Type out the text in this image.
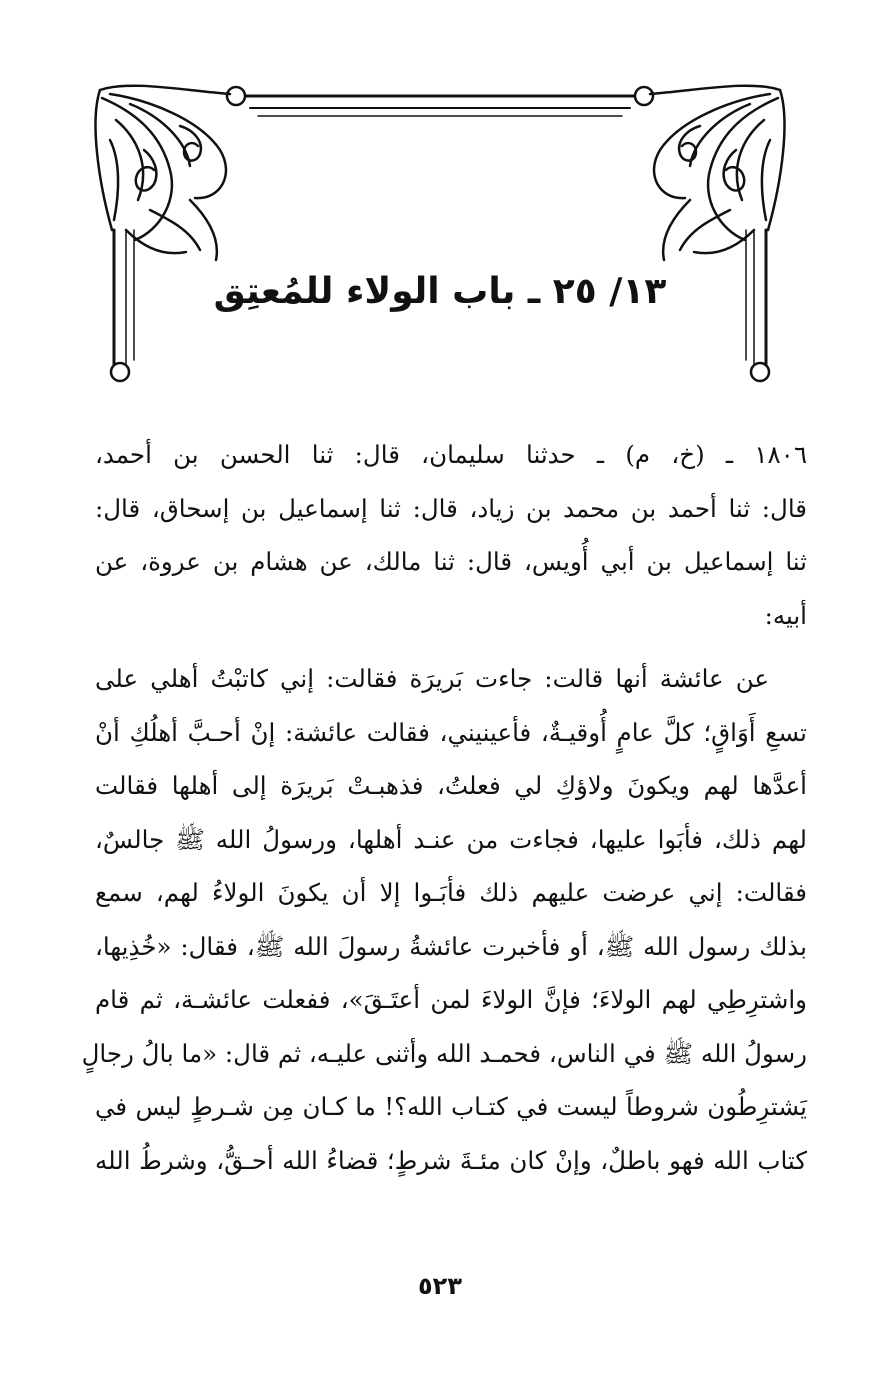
١٣/ ٢٥ ـ باب الولاء للمُعتِق
١٨٠٦ ـ (خ، م) ـ حدثنا سليمان، قال: ثنا الحسن بن أحمد،
قال: ثنا أحمد بن محمد بن زياد، قال: ثنا إسماعيل بن إسحاق، قال:
ثنا إسماعيل بن أبي أُويس، قال: ثنا مالك، عن هشام بن عروة، عن
أبيه:
عن عائشة أنها قالت: جاءت بَريرَة فقالت: إني كاتبْتُ أهلي على
تسعِ أَوَاقٍ؛ كلَّ عامٍ أُوقيـةٌ، فأعينيني، فقالت عائشة: إنْ أحـبَّ أهلُكِ أنْ
أعدَّها لهم ويكونَ ولاؤكِ لي فعلتُ، فذهبـتْ بَريرَة إلى أهلها فقالت
لهم ذلك، فأبَوا عليها، فجاءت من عنـد أهلها، ورسولُ الله ﷺ جالسٌ،
فقالت: إني عرضت عليهم ذلك فأبَـوا إلا أن يكونَ الولاءُ لهم، سمع
بذلك رسول الله ﷺ، أو فأخبرت عائشةُ رسولَ الله ﷺ، فقال: «خُذِيها،
واشترِطِي لهم الولاءَ؛ فإنَّ الولاءَ لمن أعتَـقَ»، ففعلت عائشـة، ثم قام
رسولُ الله ﷺ في الناس، فحمـد الله وأثنى عليـه، ثم قال: «ما بالُ رجالٍ
يَشترِطُون شروطاً ليست في كتـاب الله؟! ما كـان مِن شـرطٍ ليس في
كتاب الله فهو باطلٌ، وإنْ كان مئـةَ شرطٍ؛ قضاءُ الله أحـقُّ، وشرطُ الله
٥٢٣
